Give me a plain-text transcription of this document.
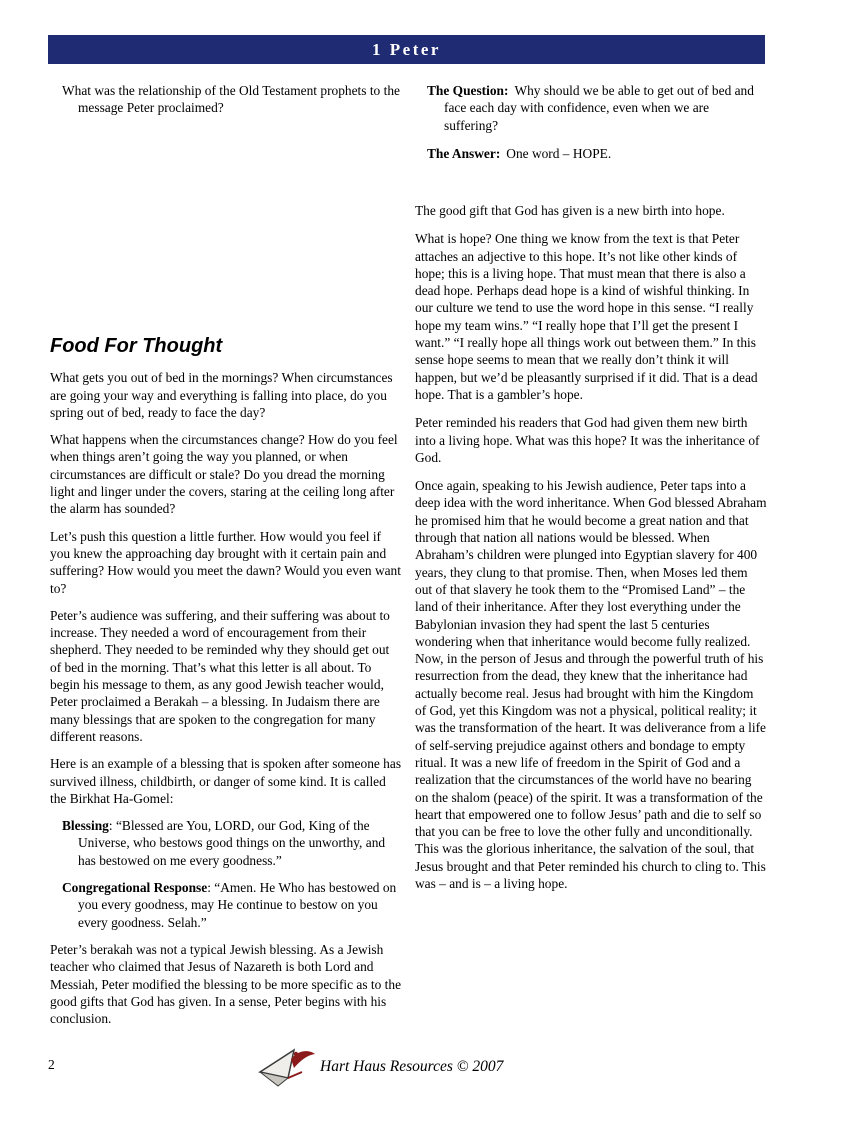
1 Peter
What was the relationship of the Old Testament prophets to the message Peter proclaimed?
The Question: Why should we be able to get out of bed and face each day with confidence, even when we are suffering?
The Answer: One word – HOPE.

The good gift that God has given is a new birth into hope.

What is hope? One thing we know from the text is that Peter attaches an adjective to this hope. It’s not like other kinds of hope; this is a living hope. That must mean that there is also a dead hope. Perhaps dead hope is a kind of wishful thinking. In our culture we tend to use the word hope in this sense. “I really hope my team wins.” “I really hope that I’ll get the present I want.” “I really hope all things work out between them.” In this sense hope seems to mean that we really don’t think it will happen, but we’d be pleasantly surprised if it did. That is a dead hope. That is a gambler’s hope.

Peter reminded his readers that God had given them new birth into a living hope. What was this hope? It was the inheritance of God.

Once again, speaking to his Jewish audience, Peter taps into a deep idea with the word inheritance. When God blessed Abraham he promised him that he would become a great nation and that through that nation all nations would be blessed. When Abraham’s children were plunged into Egyptian slavery for 400 years, they clung to that promise. Then, when Moses led them out of that slavery he took them to the “Promised Land” – the land of their inheritance. After they lost everything under the Babylonian invasion they had spent the last 5 centuries wondering when that inheritance would become fully realized. Now, in the person of Jesus and through the powerful truth of his resurrection from the dead, they knew that the inheritance had actually become real. Jesus had brought with him the Kingdom of God, yet this Kingdom was not a physical, political reality; it was the transformation of the heart. It was deliverance from a life of self-serving prejudice against others and bondage to empty ritual. It was a new life of freedom in the Spirit of God and a realization that the circumstances of the world have no bearing on the shalom (peace) of the spirit. It was a transformation of the heart that empowered one to follow Jesus’ path and die to self so that you can be free to love the other fully and unconditionally. This was the glorious inheritance, the salvation of the soul, that Jesus brought and that Peter reminded his church to cling to. This was – and is – a living hope.

Food For Thought

What gets you out of bed in the mornings? When circumstances are going your way and everything is falling into place, do you spring out of bed, ready to face the day?

What happens when the circumstances change? How do you feel when things aren’t going the way you planned, or when circumstances are difficult or stale? Do you dread the morning light and linger under the covers, staring at the ceiling long after the alarm has sounded?

Let’s push this question a little further. How would you feel if you knew the approaching day brought with it certain pain and suffering? How would you meet the dawn? Would you even want to?

Peter’s audience was suffering, and their suffering was about to increase. They needed a word of encouragement from their shepherd. They needed to be reminded why they should get out of bed in the morning. That’s what this letter is all about. To begin his message to them, as any good Jewish teacher would, Peter proclaimed a Berakah – a blessing. In Judaism there are many blessings that are spoken to the congregation for many different reasons.

Here is an example of a blessing that is spoken after someone has survived illness, childbirth, or danger of some kind. It is called the Birkhat Ha-Gomel:

Blessing: “Blessed are You, LORD, our God, King of the Universe, who bestows good things on the unworthy, and has bestowed on me every goodness.”
Congregational Response: “Amen. He Who has bestowed on you every goodness, may He continue to bestow on you every goodness. Selah.”

Peter’s berakah was not a typical Jewish blessing. As a Jewish teacher who claimed that Jesus of Nazareth is both Lord and Messiah, Peter modified the blessing to be more specific as to the good gifts that God has given. In a sense, Peter begins with his conclusion.

2	Hart Haus Resources © 2007
